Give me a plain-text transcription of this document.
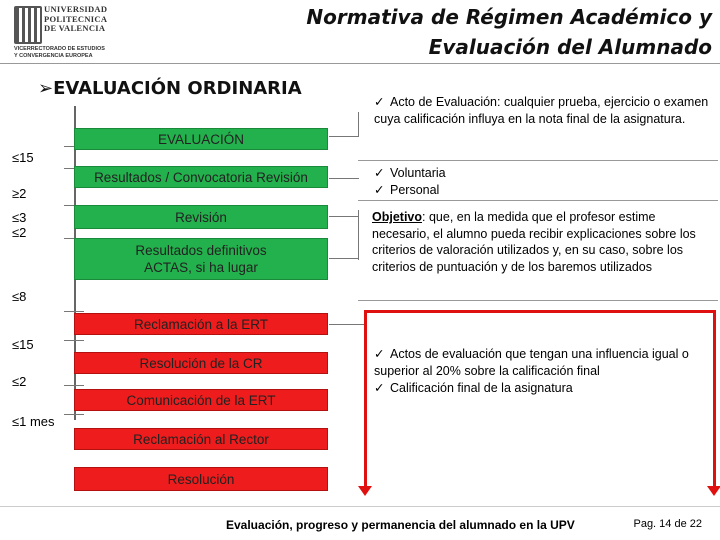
UNIVERSIDAD
POLITECNICA
DE VALENCIA
VICERRECTORADO DE ESTUDIOS
Y CONVERGENCIA EUROPEA
Normativa de Régimen Académico y
Evaluación del Alumnado
➢EVALUACIÓN ORDINARIA
≤15
≥2
≤3
≤2
≤8
≤15
≤2
≤1 mes
EVALUACIÓN
Resultados / Convocatoria Revisión
Revisión
Resultados definitivos ACTAS, si ha lugar
Reclamación a la ERT
Resolución de la CR
Comunicación de la ERT
Reclamación al Rector
Resolución
✓ Acto de Evaluación: cualquier prueba, ejercicio o examen cuya calificación influya en la nota final de la asignatura.
✓ Voluntaria
✓ Personal
Objetivo: que, en la medida que el profesor estime necesario, el alumno pueda recibir explicaciones sobre los criterios de valoración utilizados y, en su caso, sobre los criterios de puntuación y de los baremos utilizados
✓ Actos de evaluación que tengan una influencia igual o superior al 20% sobre la calificación final
✓ Calificación final de la asignatura
Evaluación, progreso y permanencia del alumnado en la UPV	Pag. 14 de 22
